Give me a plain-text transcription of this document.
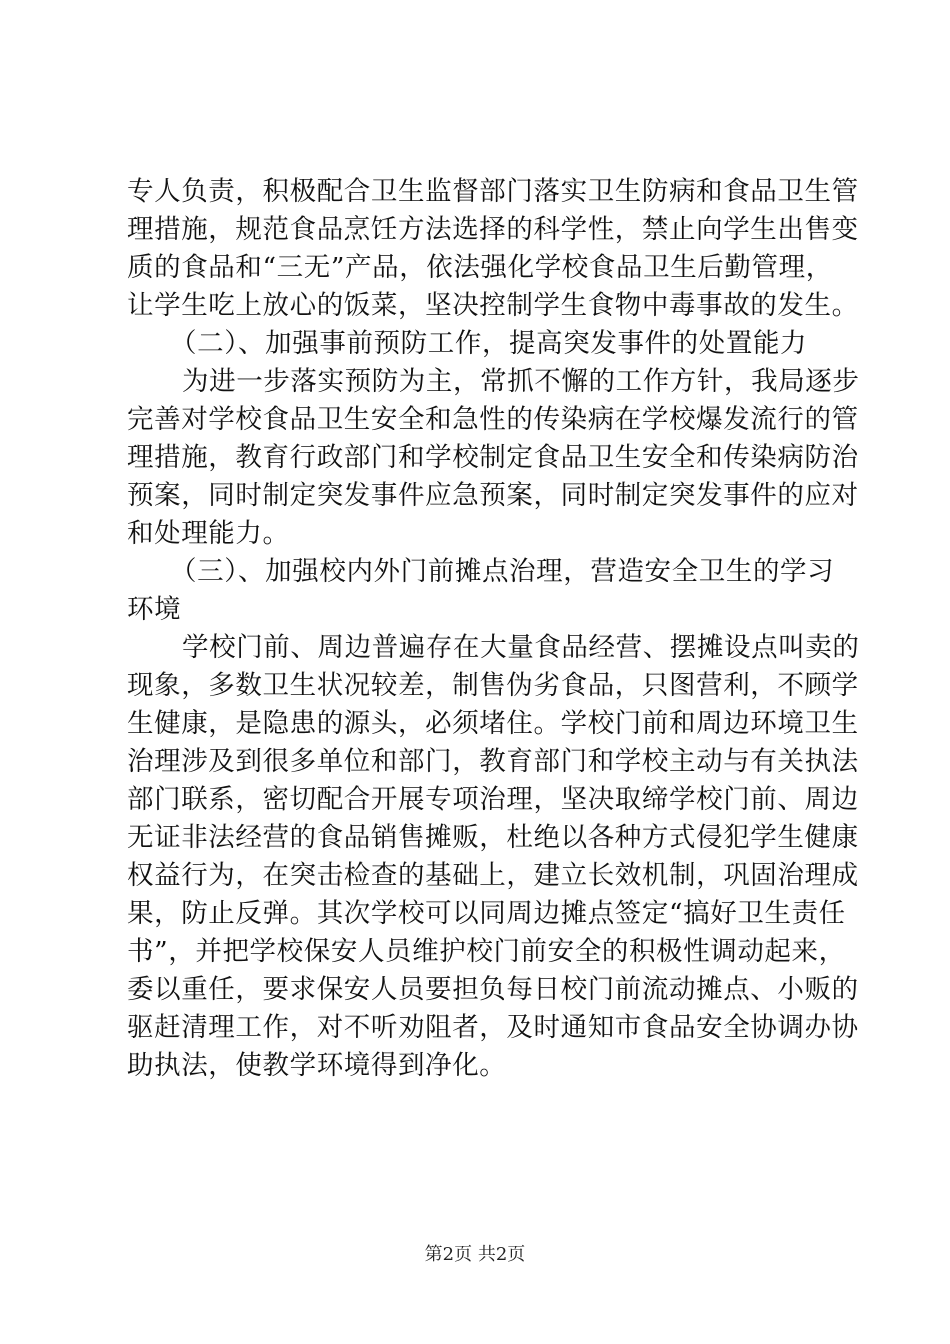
专人负责，积极配合卫生监督部门落实卫生防病和食品卫生管
理措施，规范食品烹饪方法选择的科学性，禁止向学生出售变
质的食品和“三无”产品，依法强化学校食品卫生后勤管理，
让学生吃上放心的饭菜，坚决控制学生食物中毒事故的发生。
（二）、加强事前预防工作，提高突发事件的处置能力
为进一步落实预防为主，常抓不懈的工作方针，我局逐步
完善对学校食品卫生安全和急性的传染病在学校爆发流行的管
理措施，教育行政部门和学校制定食品卫生安全和传染病防治
预案，同时制定突发事件应急预案，同时制定突发事件的应对
和处理能力。
（三）、加强校内外门前摊点治理，营造安全卫生的学习
环境
学校门前、周边普遍存在大量食品经营、摆摊设点叫卖的
现象，多数卫生状况较差，制售伪劣食品，只图营利，不顾学
生健康，是隐患的源头，必须堵住。学校门前和周边环境卫生
治理涉及到很多单位和部门，教育部门和学校主动与有关执法
部门联系，密切配合开展专项治理，坚决取缔学校门前、周边
无证非法经营的食品销售摊贩，杜绝以各种方式侵犯学生健康
权益行为，在突击检查的基础上，建立长效机制，巩固治理成
果，防止反弹。其次学校可以同周边摊点签定“搞好卫生责任
书”，并把学校保安人员维护校门前安全的积极性调动起来，
委以重任，要求保安人员要担负每日校门前流动摊点、小贩的
驱赶清理工作，对不听劝阻者，及时通知市食品安全协调办协
助执法，使教学环境得到净化。
第2页 共2页
